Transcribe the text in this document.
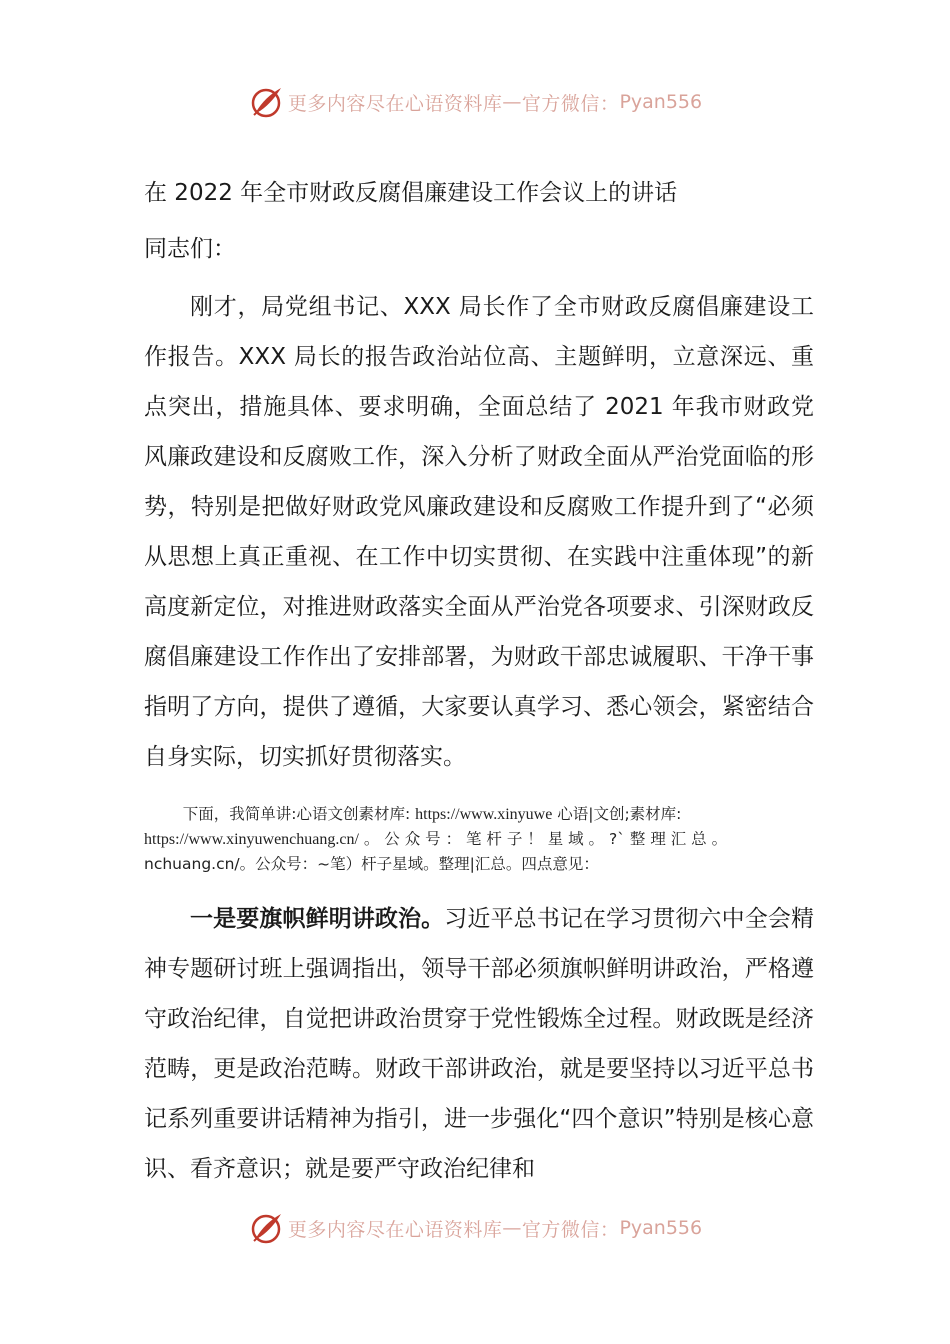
更多内容尽在心语资料库 — 官方微信： Pyan556

在 2022 年全市财政反腐倡廉建设工作会议上的讲话

同志们：

刚才，局党组书记、XXX 局长作了全市财政反腐倡廉建设工作报告。XXX 局长的报告政治站位高、主题鲜明，立意深远、重点突出，措施具体、要求明确，全面总结了 2021 年我市财政党风廉政建设和反腐败工作，深入分析了财政全面从严治党面临的形势，特别是把做好财政党风廉政建设和反腐败工作提升到了“必须从思想上真正重视、在工作中切实贯彻、在实践中注重体现”的新高度新定位，对推进财政落实全面从严治党各项要求、引深财政反腐倡廉建设工作作出了安排部署，为财政干部忠诚履职、干净干事指明了方向，提供了遵循，大家要认真学习、悉心领会，紧密结合自身实际，切实抓好贯彻落实。

下面，我简单讲:心语文创素材库: https://www.xinyuwe 心语|文创;素材库: https://www.xinyuwenchuang.cn/ 。 公 众 号 ： 笔 杆 子 ！ 星 域 。 ?` 整 理 汇 总 。 nchuang.cn/。公众号：~笔）杆子星域。整理|汇总。四点意见：

一是要旗帜鲜明讲政治。习近平总书记在学习贯彻六中全会精神专题研讨班上强调指出，领导干部必须旗帜鲜明讲政治，严格遵守政治纪律，自觉把讲政治贯穿于党性锻炼全过程。财政既是经济范畴，更是政治范畴。财政干部讲政治，就是要坚持以习近平总书记系列重要讲话精神为指引，进一步强化“四个意识”特别是核心意识、看齐意识；就是要严守政治纪律和

更多内容尽在心语资料库 — 官方微信： Pyan556
